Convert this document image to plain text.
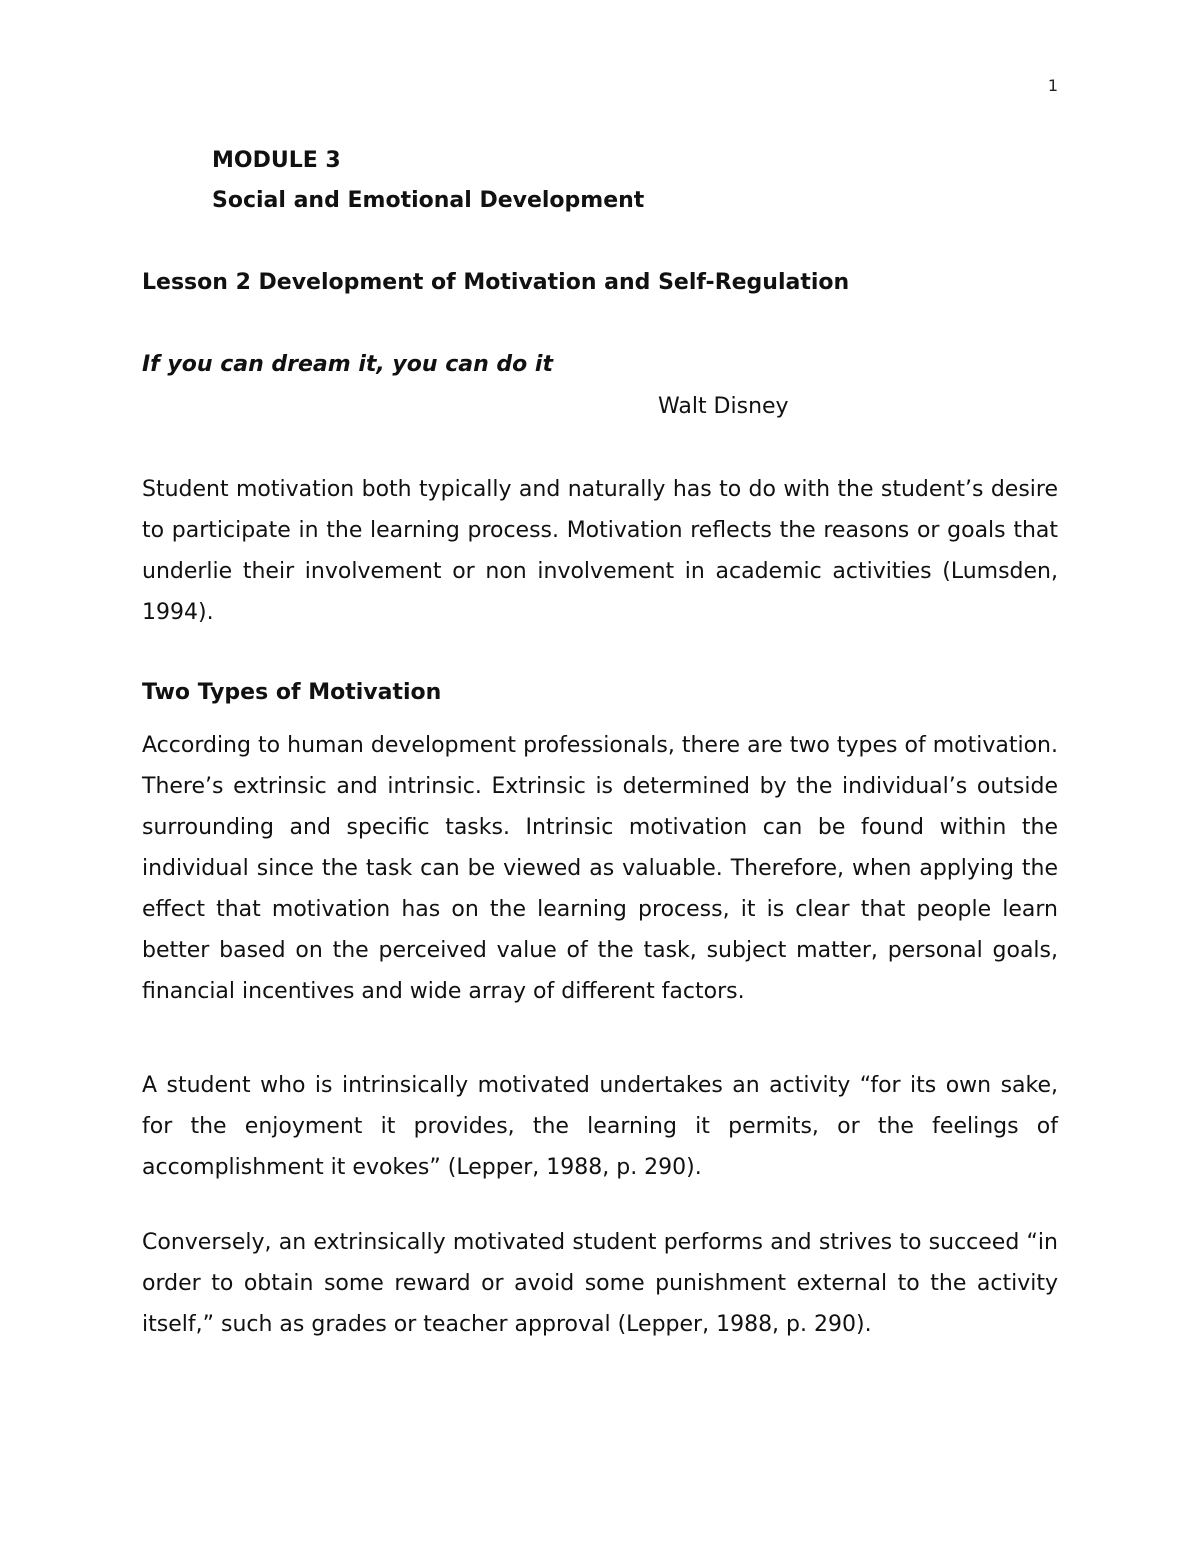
1
MODULE 3
Social and Emotional Development
Lesson 2 Development of Motivation and Self-Regulation
If you can dream it, you can do it
Walt Disney

Student motivation both typically and naturally has to do with the student’s desire to participate in the learning process. Motivation reflects the reasons or goals that underlie their involvement or non involvement in academic activities (Lumsden, 1994).

Two Types of Motivation

According to human development professionals, there are two types of motivation. There’s extrinsic and intrinsic. Extrinsic is determined by the individual’s outside surrounding and specific tasks. Intrinsic motivation can be found within the individual since the task can be viewed as valuable. Therefore, when applying the effect that motivation has on the learning process, it is clear that people learn better based on the perceived value of the task, subject matter, personal goals, financial incentives and wide array of different factors.

A student who is intrinsically motivated undertakes an activity “for its own sake, for the enjoyment it provides, the learning it permits, or the feelings of accomplishment it evokes” (Lepper, 1988, p. 290).

Conversely, an extrinsically motivated student performs and strives to succeed “in order to obtain some reward or avoid some punishment external to the activity itself,” such as grades or teacher approval (Lepper, 1988, p. 290).
